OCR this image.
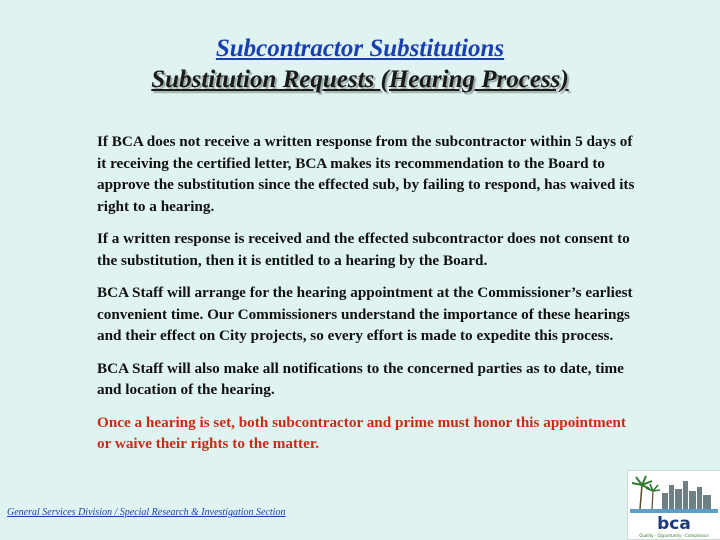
Subcontractor Substitutions
Substitution Requests (Hearing Process)

If BCA does not receive a written response from the subcontractor within 5 days of it receiving the certified letter, BCA makes its recommendation to the Board to approve the substitution since the effected sub, by failing to respond, has waived its right to a hearing.

If a written response is received and the effected subcontractor does not consent to the substitution, then it is entitled to a hearing by the Board.

BCA Staff will arrange for the hearing appointment at the Commissioner’s earliest convenient time. Our Commissioners understand the importance of these hearings and their effect on City projects, so every effort is made to expedite this process.

BCA Staff will also make all notifications to the concerned parties as to date, time and location of the hearing.

Once a hearing is set, both subcontractor and prime must honor this appointment or waive their rights to the matter.

General Services Division / Special Research & Investigation Section
bca
Quality · Opportunity · Compliance
